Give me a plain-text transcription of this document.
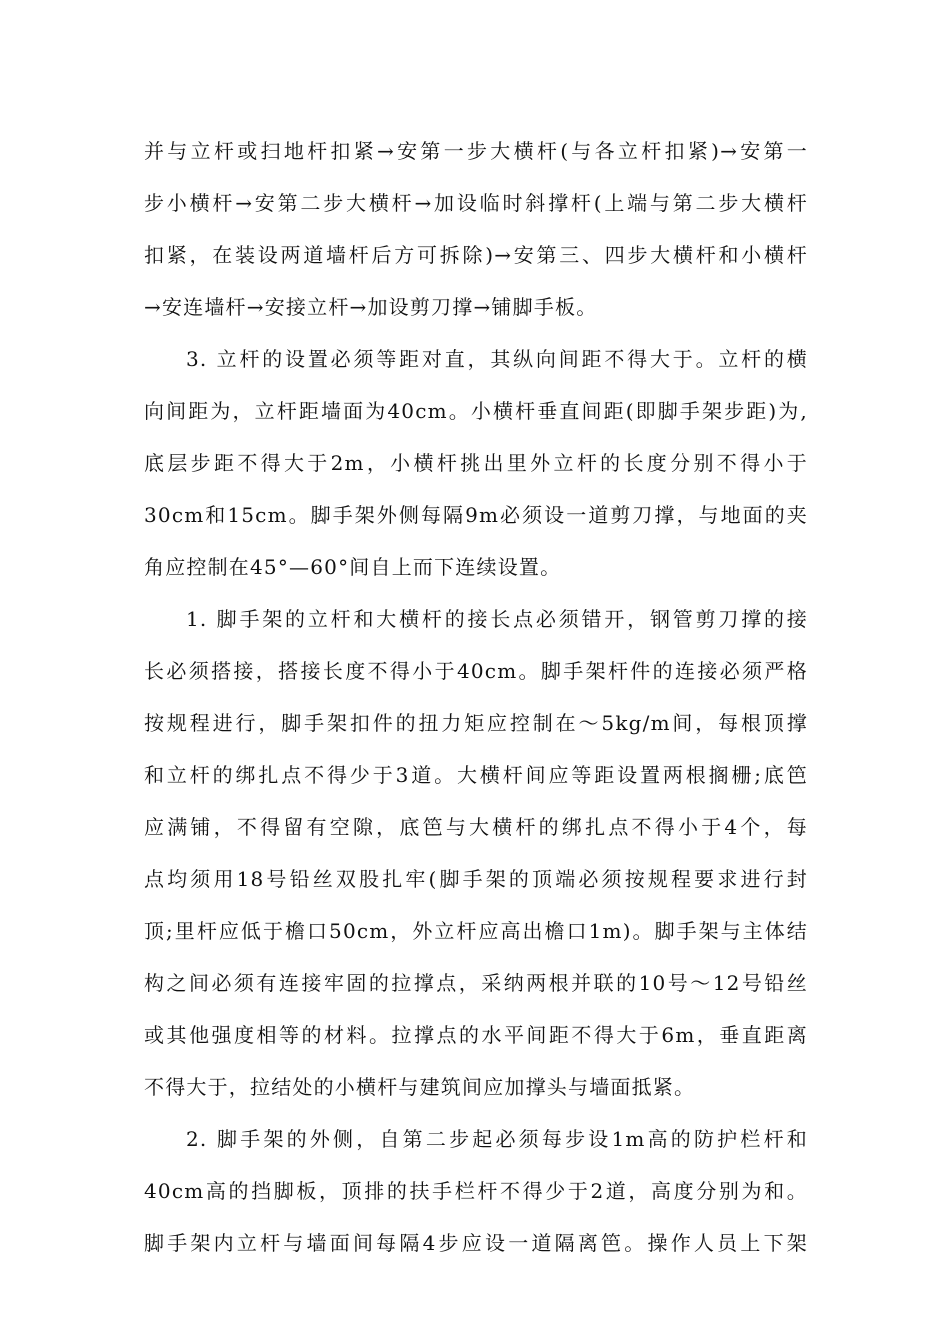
并与立杆或扫地杆扣紧→安第一步大横杆(与各立杆扣紧)→安第一
步小横杆→安第二步大横杆→加设临时斜撑杆(上端与第二步大横杆
扣紧，在装设两道墙杆后方可拆除)→安第三、四步大横杆和小横杆
→安连墙杆→安接立杆→加设剪刀撑→铺脚手板。
3. 立杆的设置必须等距对直，其纵向间距不得大于。立杆的横
向间距为，立杆距墙面为40cm。小横杆垂直间距(即脚手架步距)为,
底层步距不得大于2m，小横杆挑出里外立杆的长度分别不得小于
30cm和15cm。脚手架外侧每隔9m必须设一道剪刀撑，与地面的夹
角应控制在45°—60°间自上而下连续设置。
1. 脚手架的立杆和大横杆的接长点必须错开，钢管剪刀撑的接
长必须搭接，搭接长度不得小于40cm。脚手架杆件的连接必须严格
按规程进行，脚手架扣件的扭力矩应控制在～5kg/m间，每根顶撑
和立杆的绑扎点不得少于3道。大横杆间应等距设置两根搁栅;底笆
应满铺，不得留有空隙，底笆与大横杆的绑扎点不得小于4个，每
点均须用18号铅丝双股扎牢(脚手架的顶端必须按规程要求进行封
顶;里杆应低于檐口50cm，外立杆应高出檐口1m)。脚手架与主体结
构之间必须有连接牢固的拉撑点，采纳两根并联的10号～12号铅丝
或其他强度相等的材料。拉撑点的水平间距不得大于6m，垂直距离
不得大于，拉结处的小横杆与建筑间应加撑头与墙面抵紧。
2. 脚手架的外侧，自第二步起必须每步设1m高的防护栏杆和
40cm高的挡脚板，顶排的扶手栏杆不得少于2道，高度分别为和。
脚手架内立杆与墙面间每隔4步应设一道隔离笆。操作人员上下架
